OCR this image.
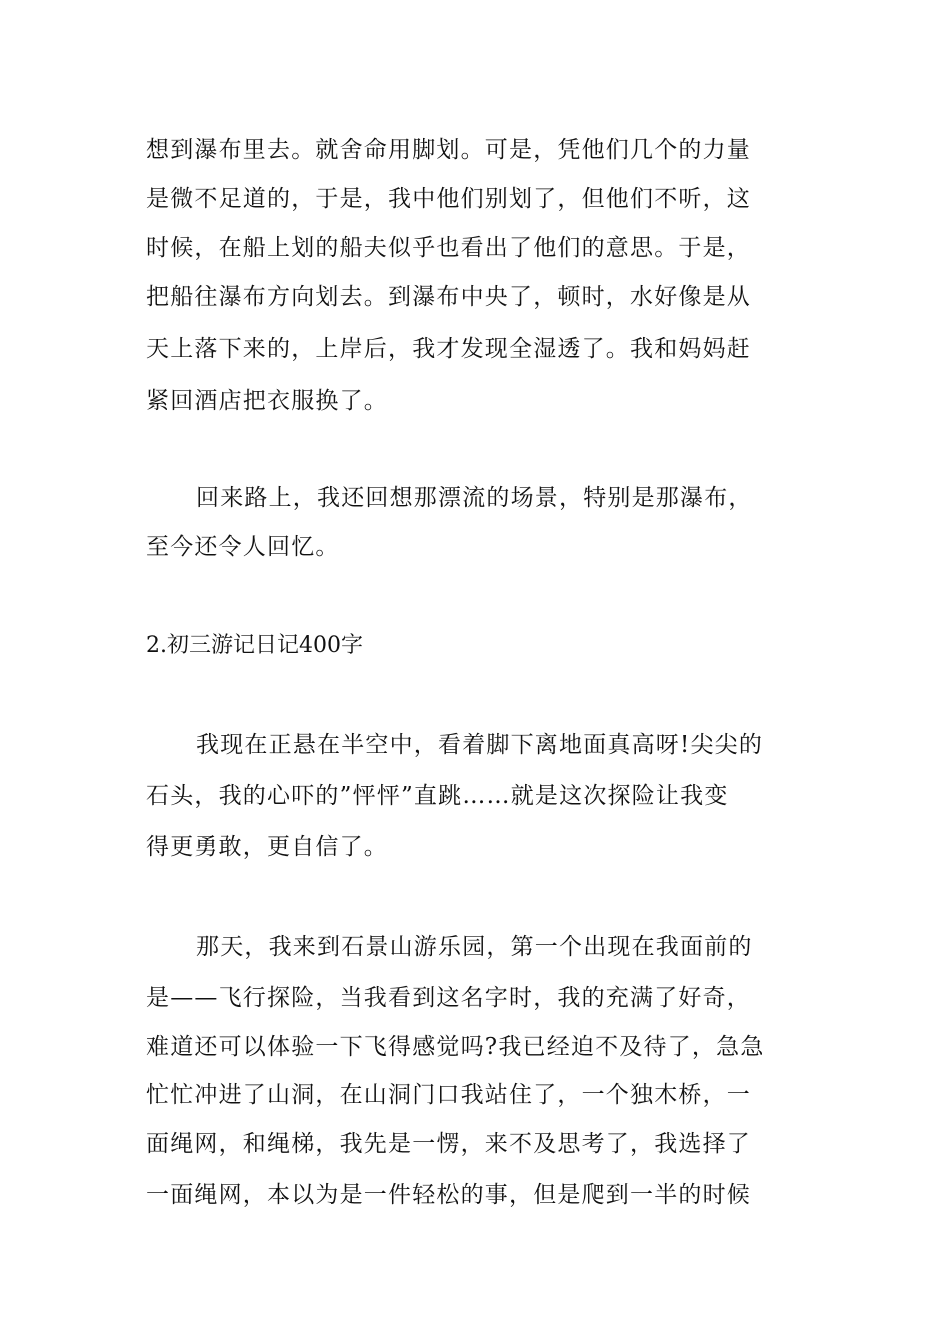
想到瀑布里去。就舍命用脚划。可是，凭他们几个的力量
是微不足道的，于是，我中他们别划了，但他们不听，这
时候，在船上划的船夫似乎也看出了他们的意思。于是，
把船往瀑布方向划去。到瀑布中央了，顿时，水好像是从
天上落下来的，上岸后，我才发现全湿透了。我和妈妈赶
紧回酒店把衣服换了。
回来路上，我还回想那漂流的场景，特别是那瀑布，
至今还令人回忆。
2.初三游记日记400字
我现在正悬在半空中，看着脚下离地面真高呀!尖尖的
石头，我的心吓的”怦怦”直跳……就是这次探险让我变
得更勇敢，更自信了。
那天，我来到石景山游乐园，第一个出现在我面前的
是——飞行探险，当我看到这名字时，我的充满了好奇，
难道还可以体验一下飞得感觉吗?我已经迫不及待了，急急
忙忙冲进了山洞，在山洞门口我站住了，一个独木桥，一
面绳网，和绳梯，我先是一愣，来不及思考了，我选择了
一面绳网，本以为是一件轻松的事，但是爬到一半的时候
